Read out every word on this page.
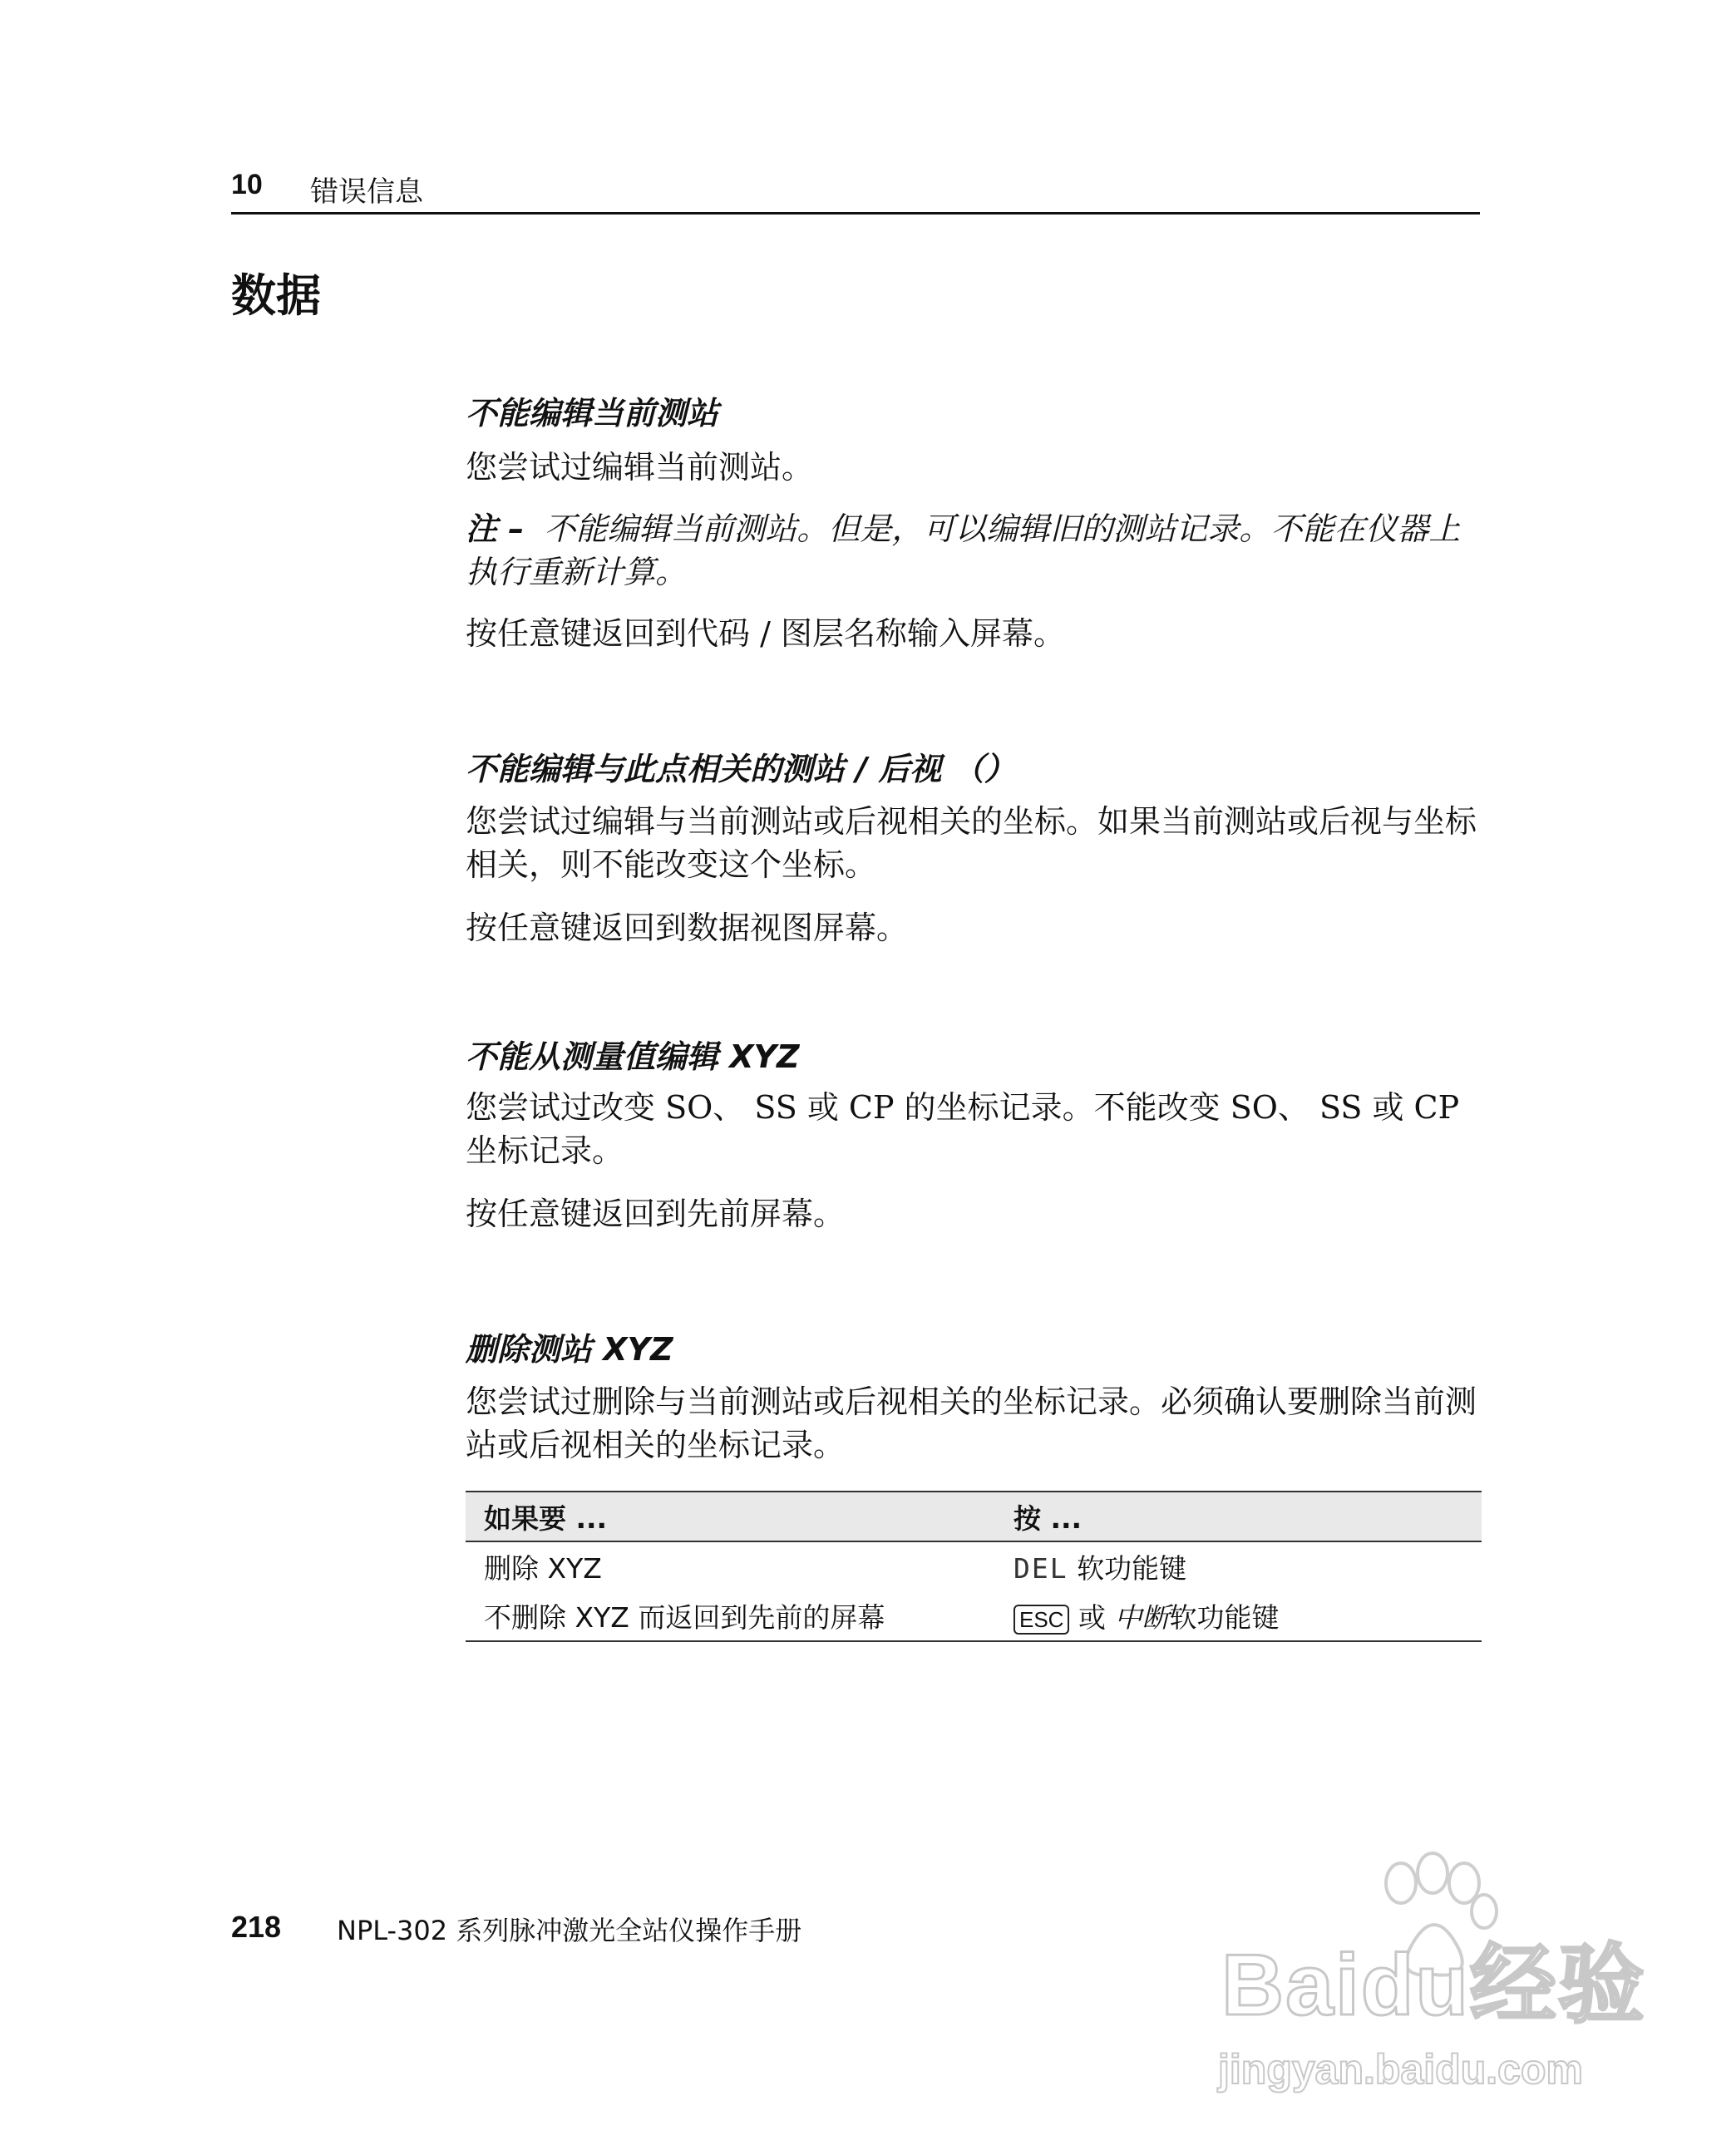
10 错误信息
数据
不能编辑当前测站
您尝试过编辑当前测站。
注 – 不能编辑当前测站。但是，可以编辑旧的测站记录。不能在仪器上执行重新计算。
按任意键返回到代码 / 图层名称输入屏幕。
不能编辑与此点相关的测站 / 后视 （）
您尝试过编辑与当前测站或后视相关的坐标。如果当前测站或后视与坐标相关，则不能改变这个坐标。
按任意键返回到数据视图屏幕。
不能从测量值编辑 XYZ
您尝试过改变 SO、 SS 或 CP 的坐标记录。不能改变 SO、 SS 或 CP 坐标记录。
按任意键返回到先前屏幕。
删除测站 XYZ
您尝试过删除与当前测站或后视相关的坐标记录。必须确认要删除当前测站或后视相关的坐标记录。
如果要 ...	按 ...
删除 XYZ	DEL 软功能键
不删除 XYZ 而返回到先前的屏幕	ESC 或 中断软功能键
218 NPL-302 系列脉冲激光全站仪操作手册
Baidu经验
jingyan.baidu.com
